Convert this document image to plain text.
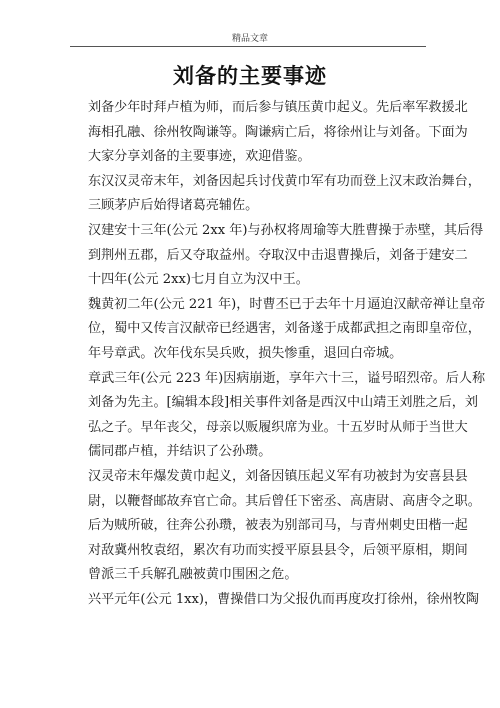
精品文章
刘备的主要事迹
刘备少年时拜卢植为师，而后参与镇压黄巾起义。先后率军救援北
海相孔融、徐州牧陶谦等。陶谦病亡后，将徐州让与刘备。下面为
大家分享刘备的主要事迹，欢迎借鉴。
东汉汉灵帝末年，刘备因起兵讨伐黄巾军有功而登上汉末政治舞台，
三顾茅庐后始得诸葛亮辅佐。
汉建安十三年(公元 2xx 年)与孙权将周瑜等大胜曹操于赤壁，其后得
到荆州五郡，后又夺取益州。夺取汉中击退曹操后，刘备于建安二
十四年(公元 2xx)七月自立为汉中王。
魏黄初二年(公元 221 年)，时曹丕已于去年十月逼迫汉献帝禅让皇帝
位，蜀中又传言汉献帝已经遇害，刘备遂于成都武担之南即皇帝位，
年号章武。次年伐东吴兵败，损失惨重，退回白帝城。
章武三年(公元 223 年)因病崩逝，享年六十三，谥号昭烈帝。后人称
刘备为先主。[编辑本段]相关事件刘备是西汉中山靖王刘胜之后，刘
弘之子。早年丧父，母亲以贩履织席为业。十五岁时从师于当世大
儒同郡卢植，并结识了公孙瓒。
汉灵帝末年爆发黄巾起义，刘备因镇压起义军有功被封为安喜县县
尉，以鞭督邮故弃官亡命。其后曾任下密丞、高唐尉、高唐令之职。
后为贼所破，往奔公孙瓒，被表为别部司马，与青州刺史田楷一起
对敌冀州牧袁绍，累次有功而实授平原县县令，后领平原相，期间
曾派三千兵解孔融被黄巾围困之危。
兴平元年(公元 1xx)，曹操借口为父报仇而再度攻打徐州，徐州牧陶
